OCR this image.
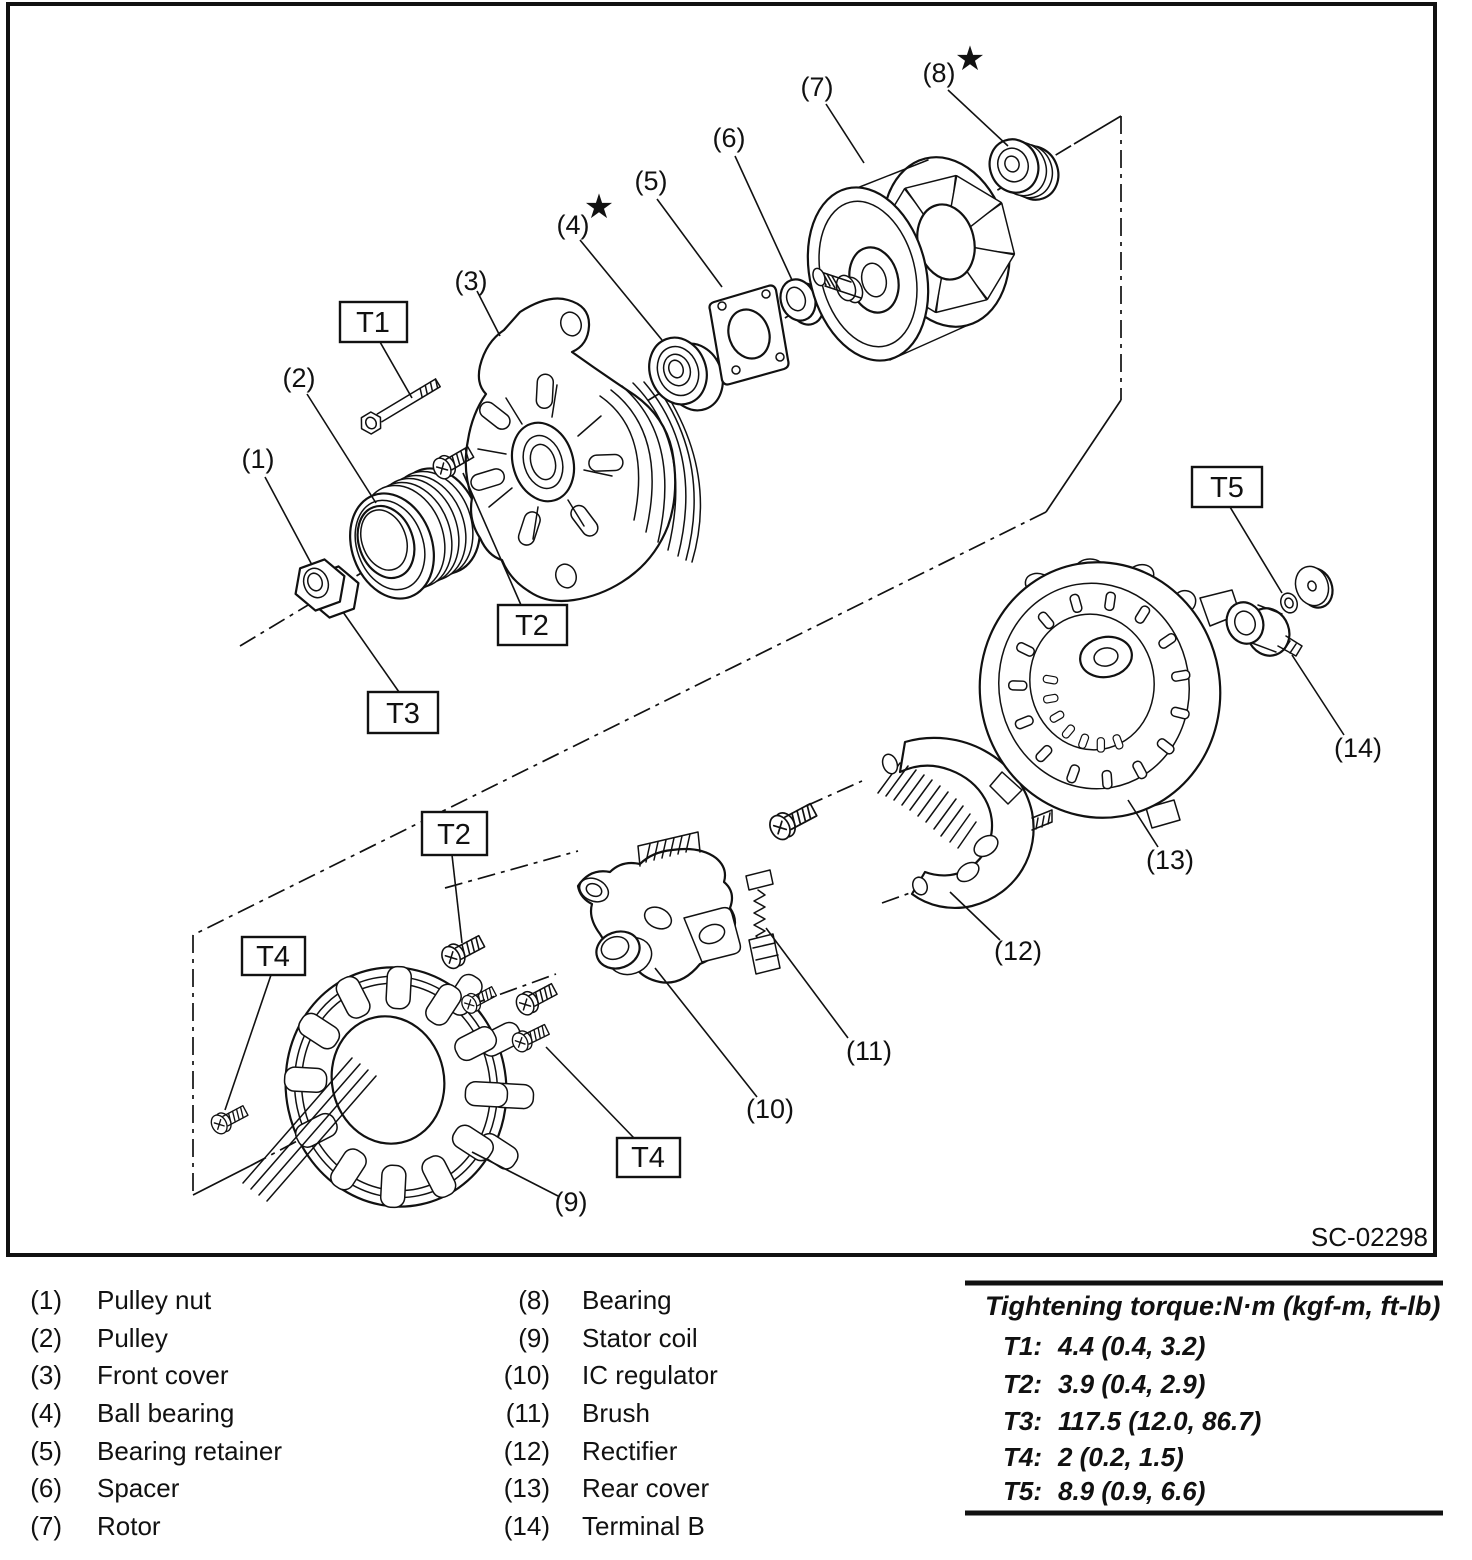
T1
T2
T3
T5
T2
T4
T4
(1)
(2)
(3)
(4)
(5)
(6)
(7)	(8)
(9)
(10)
(11)
(12)
(13)
(14)
★
★
SC-02298
(1) Pulley nut
(2) Pulley
(3) Front cover
(4) Ball bearing
(5) Bearing retainer
(6) Spacer
(7) Rotor
(8) Bearing
(9) Stator coil
(10) IC regulator
(11) Brush
(12) Rectifier
(13) Rear cover
(14) Terminal B
Tightening torque:N·m (kgf-m, ft-lb)
T1: 4.4 (0.4, 3.2)
T2: 3.9 (0.4, 2.9)
T3: 117.5 (12.0, 86.7)
T4: 2 (0.2, 1.5)
T5: 8.9 (0.9, 6.6)
